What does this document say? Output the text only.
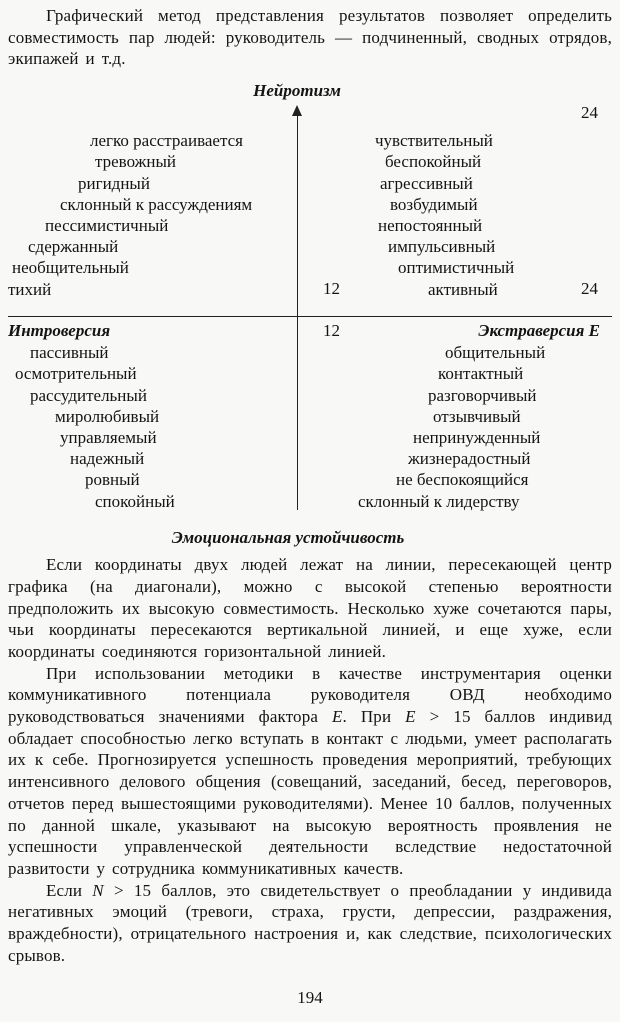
Графический метод представления результатов позволяет определить совместимость пар людей: руководитель — подчиненный, сводных отрядов, экипажей и т.д.

Нейротизм
24
легко расстраивается
тревожный
ригидный
склонный к рассуждениям
пессимистичный
сдержанный
необщительный
тихий
чувствительный
беспокойный
агрессивный
возбудимый
непостоянный
импульсивный
оптимистичный
активный
12	24
12
Интроверсия	Экстраверсия Е
пассивный
осмотрительный
рассудительный
миролюбивый
управляемый
надежный
ровный
спокойный
общительный
контактный
разговорчивый
отзывчивый
непринужденный
жизнерадостный
не беспокоящийся
склонный к лидерству
Эмоциональная устойчивость

Если координаты двух людей лежат на линии, пересекающей центр графика (на диагонали), можно с высокой степенью вероятности предположить их высокую совместимость. Несколько хуже сочетаются пары, чьи координаты пересекаются вертикальной линией, и еще хуже, если координаты соединяются горизонтальной линией.

При использовании методики в качестве инструментария оценки коммуникативного потенциала руководителя ОВД необходимо руководствоваться значениями фактора Е. При Е > 15 баллов индивид обладает способностью легко вступать в контакт с людьми, умеет располагать их к себе. Прогнозируется успешность проведения мероприятий, требующих интенсивного делового общения (совещаний, заседаний, бесед, переговоров, отчетов перед вышестоящими руководителями). Менее 10 баллов, полученных по данной шкале, указывают на высокую вероятность проявления не успешности управленческой деятельности вследствие недостаточной развитости у сотрудника коммуникативных качеств.

Если N > 15 баллов, это свидетельствует о преобладании у индивида негативных эмоций (тревоги, страха, грусти, депрессии, раздражения, враждебности), отрицательного настроения и, как следствие, психологических срывов.

194
